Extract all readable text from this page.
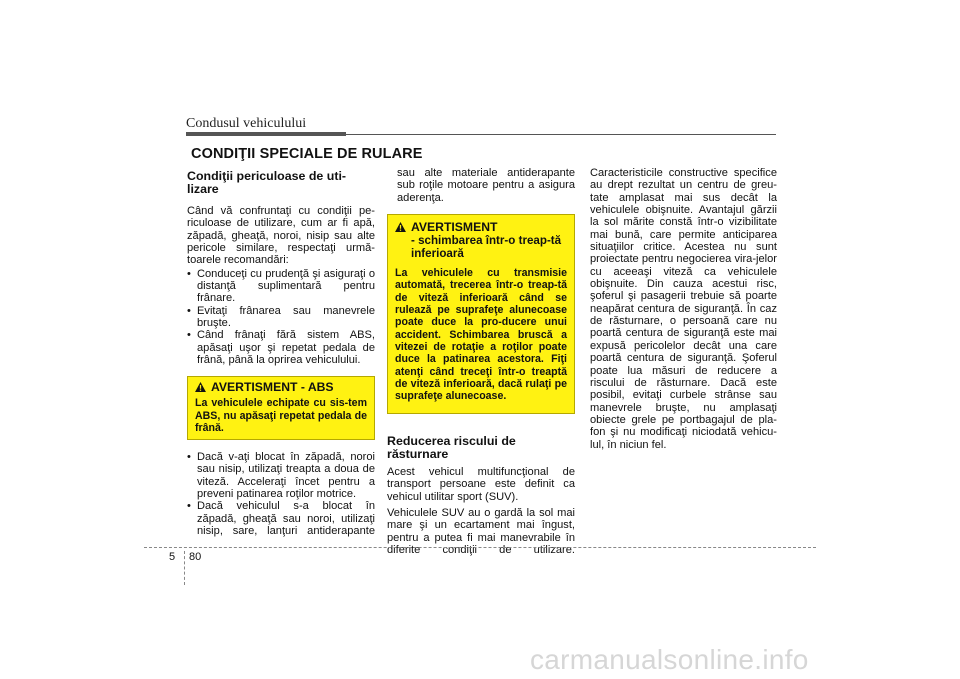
Condusul vehiculului
CONDIŢII SPECIALE DE RULARE
Condiţii periculoase de uti-lizare

Când vă confruntaţi cu condiţii pe-riculoase de utilizare, cum ar fi apă, zăpadă, gheaţă, noroi, nisip sau alte pericole similare, respectaţi urmă-toarele recomandări:

• Conduceţi cu prudenţă şi asiguraţi o distanţă suplimentară pentru frânare.
• Evitaţi frânarea sau manevrele bruşte.
• Când frânaţi fără sistem ABS, apăsaţi uşor şi repetat pedala de frână, până la oprirea vehiculului.
AVERTISMENT - ABS
La vehiculele echipate cu sis-tem ABS, nu apăsaţi repetat pedala de frână.
• Dacă v-aţi blocat în zăpadă, noroi sau nisip, utilizaţi treapta a doua de viteză. Acceleraţi încet pentru a preveni patinarea roţilor motrice.
• Dacă vehiculul s-a blocat în zăpadă, gheaţă sau noroi, utilizaţi nisip, sare, lanţuri antiderapante

sau alte materiale antiderapante sub roţile motoare pentru a asigura aderenţa.

AVERTISMENT
- schimbarea într-o treap-tă inferioară
La vehiculele cu transmisie automată, trecerea într-o treap-tă de viteză inferioară când se rulează pe suprafeţe alunecoase poate duce la pro-ducere unui accident. Schimbarea bruscă a vitezei de rotaţie a roţilor poate duce la patinarea acestora. Fiţi atenţi când treceţi într-o treaptă de viteză inferioară, dacă rulaţi pe suprafeţe alunecoase.
Reducerea riscului de răsturnare

Acest vehicul multifuncţional de transport persoane este definit ca vehicul utilitar sport (SUV).

Vehiculele SUV au o gardă la sol mai mare şi un ecartament mai îngust, pentru a putea fi mai manevrabile în diferite condiţii de utilizare.

Caracteristicile constructive specifice au drept rezultat un centru de greu-tate amplasat mai sus decât la vehiculele obişnuite. Avantajul gărzii la sol mărite constă într-o vizibilitate mai bună, care permite anticiparea situaţiilor critice. Acestea nu sunt proiectate pentru negocierea vira-jelor cu aceeaşi viteză ca vehiculele obişnuite. Din cauza acestui risc, şoferul şi pasagerii trebuie să poarte neapărat centura de siguranţă. În caz de răsturnare, o persoană care nu poartă centura de siguranţă este mai expusă pericolelor decât una care poartă centura de siguranţă. Şoferul poate lua măsuri de reducere a riscului de răsturnare. Dacă este posibil, evitaţi curbele strânse sau manevrele bruşte, nu amplasaţi obiecte grele pe portbagajul de pla-fon şi nu modificaţi niciodată vehicu-lul, în niciun fel.

5 80
carmanualsonline.info
